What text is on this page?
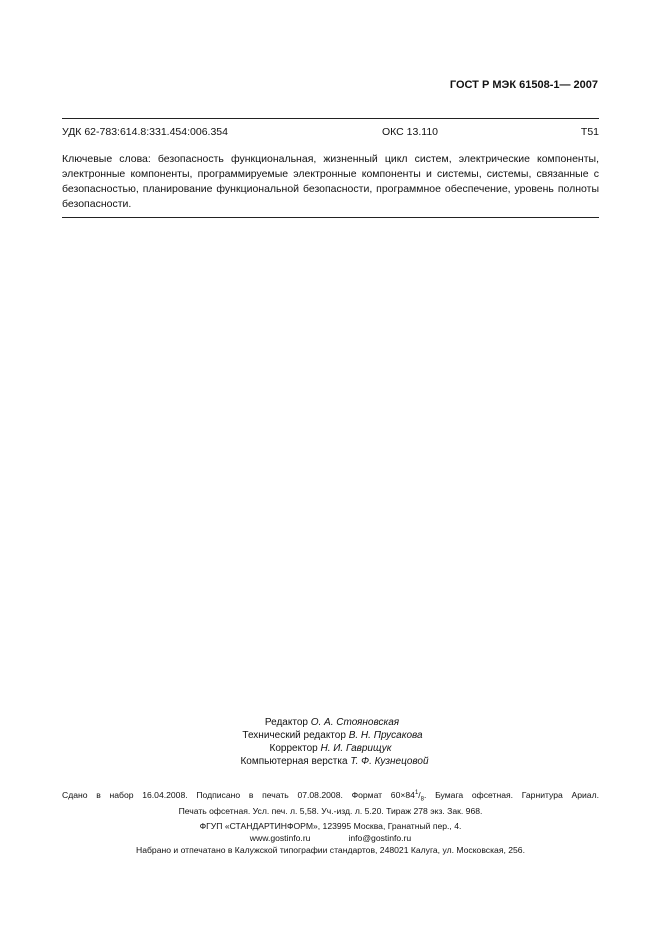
ГОСТ Р МЭК 61508-1— 2007
УДК 62-783:614.8:331.454:006.354	ОКС 13.110	Т51
Ключевые слова: безопасность функциональная, жизненный цикл систем, электрические компоненты, электронные компоненты, программируемые электронные компоненты и системы, системы, связанные с безопасностью, планирование функциональной безопасности, программное обеспечение, уровень полноты безопасности.
Редактор О. А. Стояновская
Технический редактор В. Н. Прусакова
Корректор Н. И. Гаврищук
Компьютерная верстка Т. Ф. Кузнецовой
Сдано в набор 16.04.2008. Подписано в печать 07.08.2008. Формат $60\times 84^1/_8$. Бумага офсетная. Гарнитура Ариал.
Печать офсетная. Усл. печ. л. 5,58. Уч.-изд. л. 5.20. Тираж 278 экз. Зак. 968.
ФГУП «СТАНДАРТИНФОРМ», 123995 Москва, Гранатный пер., 4.
www.gostinfo.ru	info@gostinfo.ru
Набрано и отпечатано в Калужской типографии стандартов, 248021 Калуга, ул. Московская, 256.
